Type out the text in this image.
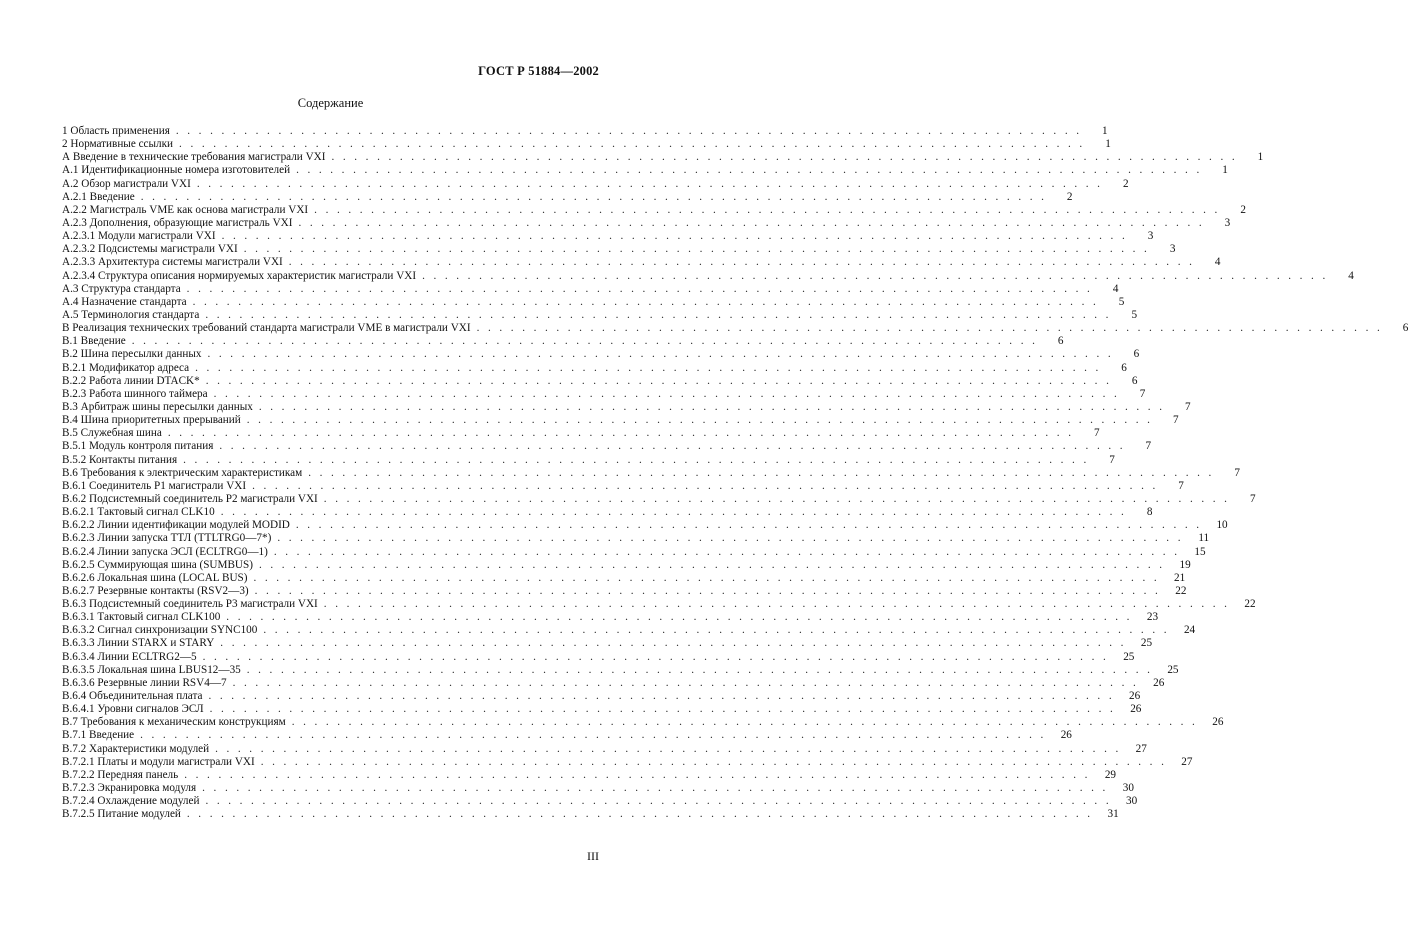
ГОСТ Р 51884—2002
Содержание
1 Область применения ................................................................................	1
2 Нормативные ссылки ................................................................................	1
А Введение в технические требования магистрали VXI ................................................................................	1
А.1 Идентификационные номера изготовителей ................................................................................	1
А.2 Обзор магистрали VXI ................................................................................	2
А.2.1 Введение ................................................................................	2
А.2.2 Магистраль VME как основа магистрали VXI ................................................................................	2
А.2.3 Дополнения, образующие магистраль VXI ................................................................................	3
А.2.3.1 Модули магистрали VXI ................................................................................	3
А.2.3.2 Подсистемы магистрали VXI ................................................................................	3
А.2.3.3 Архитектура системы магистрали VXI ................................................................................	4
А.2.3.4 Структура описания нормируемых характеристик магистрали VXI ................................................................................	4
А.3 Структура стандарта ................................................................................	4
А.4 Назначение стандарта ................................................................................	5
А.5 Терминология стандарта ................................................................................	5
В Реализация технических требований стандарта магистрали VME в магистрали VXI ................................................................................	6
В.1 Введение ................................................................................	6
В.2 Шина пересылки данных ................................................................................	6
В.2.1 Модификатор адреса ................................................................................	6
В.2.2 Работа линии DTACK* ................................................................................	6
В.2.3 Работа шинного таймера ................................................................................	7
В.3 Арбитраж шины пересылки данных ................................................................................	7
В.4 Шина приоритетных прерываний ................................................................................	7
В.5 Служебная шина ................................................................................	7
В.5.1 Модуль контроля питания ................................................................................	7
В.5.2 Контакты питания ................................................................................	7
В.6 Требования к электрическим характеристикам ................................................................................	7
В.6.1 Соединитель Р1 магистрали VXI ................................................................................	7
В.6.2 Подсистемный соединитель Р2 магистрали VXI ................................................................................	7
В.6.2.1 Тактовый сигнал CLK10 ................................................................................	8
В.6.2.2 Линии идентификации модулей MODID ................................................................................ 10
В.6.2.3 Линии запуска ТТЛ (TTLTRG0—7*) ................................................................................ 11
В.6.2.4 Линии запуска ЭСЛ (ECLTRG0—1) ................................................................................ 15
В.6.2.5 Суммирующая шина (SUMBUS) ................................................................................ 19
В.6.2.6 Локальная шина (LOCAL BUS) ................................................................................ 21
В.6.2.7 Резервные контакты (RSV2—3) ................................................................................ 22
В.6.3 Подсистемный соединитель Р3 магистрали VXI ................................................................................ 22
В.6.3.1 Тактовый сигнал CLK100 ................................................................................ 23
В.6.3.2 Сигнал синхронизации SYNC100 ................................................................................ 24
В.6.3.3 Линии STARX и STARY ................................................................................ 25
В.6.3.4 Линии ECLTRG2—5 ................................................................................ 25
В.6.3.5 Локальная шина LBUS12—35 ................................................................................ 25
В.6.3.6 Резервные линии RSV4—7 ................................................................................ 26
В.6.4 Объединительная плата ................................................................................ 26
В.6.4.1 Уровни сигналов ЭСЛ ................................................................................ 26
В.7 Требования к механическим конструкциям ................................................................................ 26
В.7.1 Введение ................................................................................ 26
В.7.2 Характеристики модулей ................................................................................ 27
В.7.2.1 Платы и модули магистрали VXI ................................................................................ 27
В.7.2.2 Передняя панель ................................................................................ 29
В.7.2.3 Экранировка модуля ................................................................................ 30
В.7.2.4 Охлаждение модулей ................................................................................ 30
В.7.2.5 Питание модулей ................................................................................ 31
III
